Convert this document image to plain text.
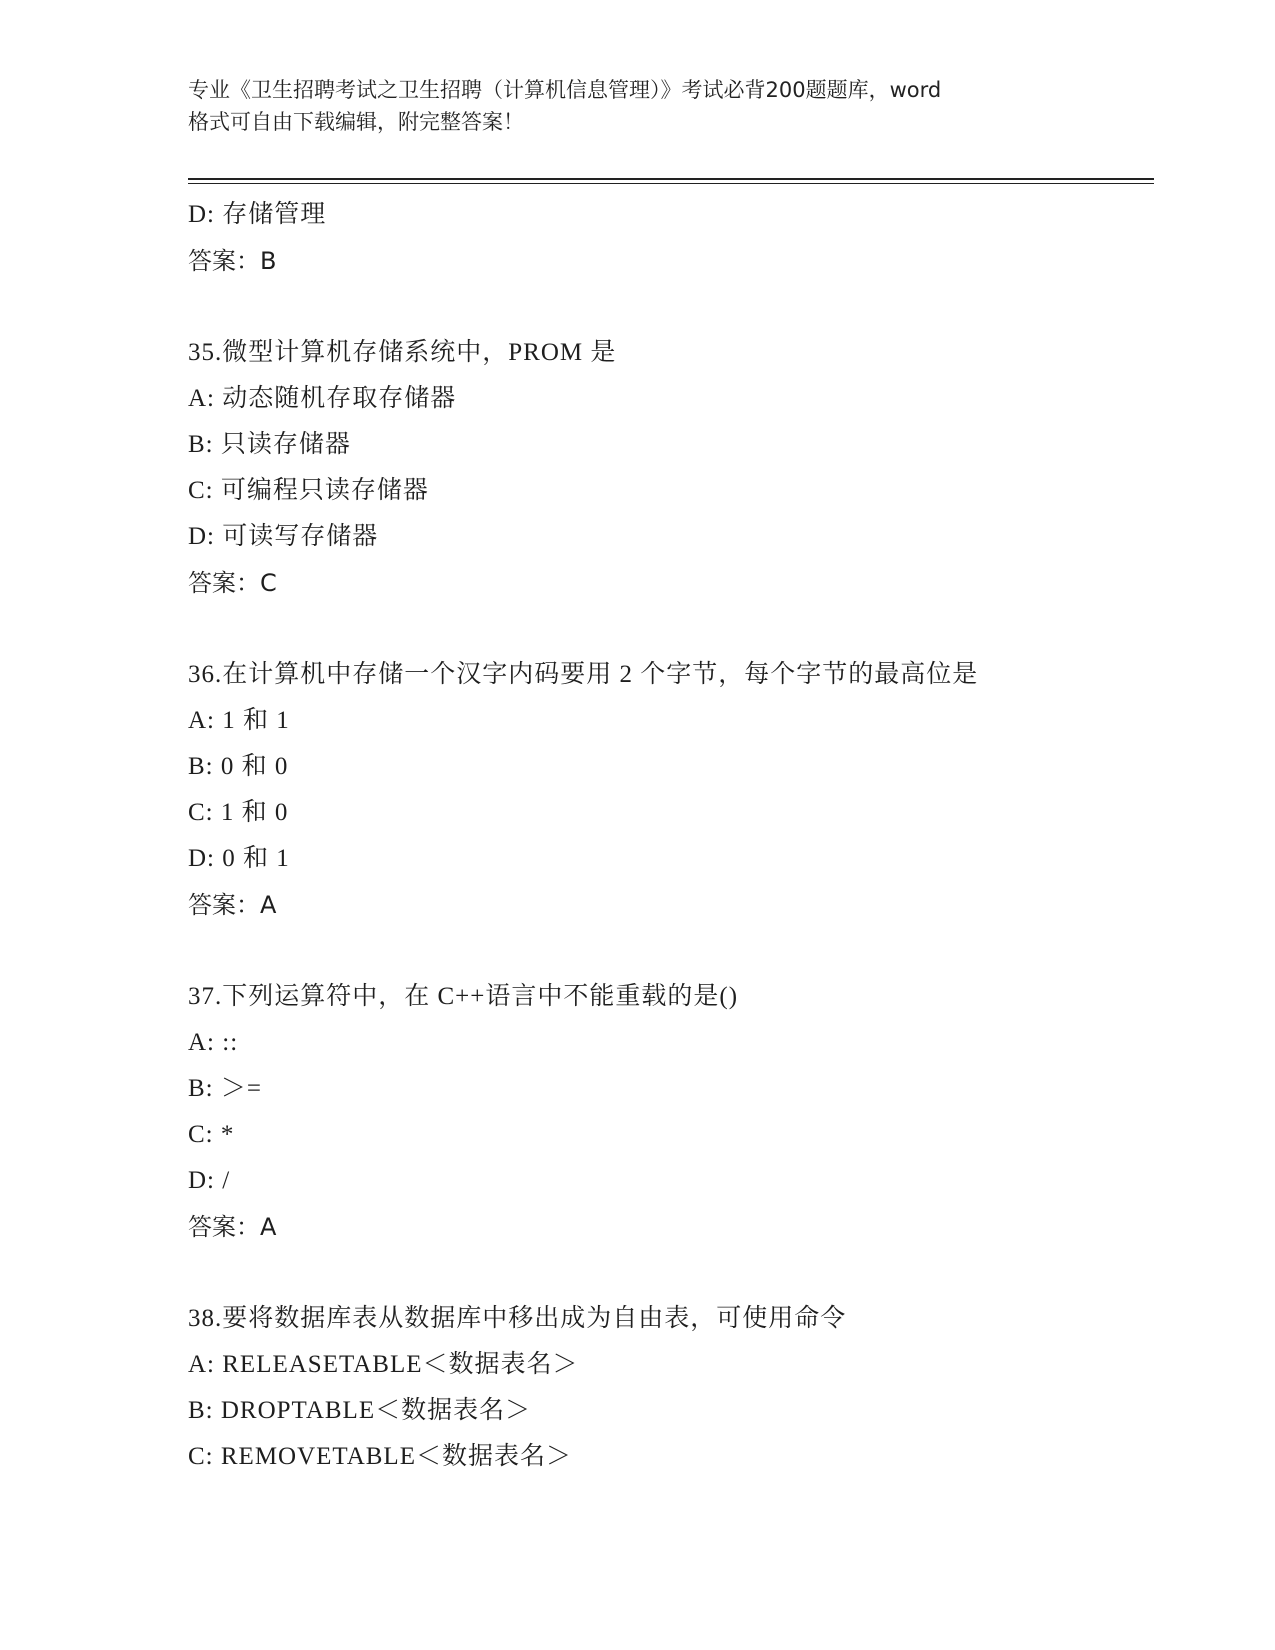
专业《卫生招聘考试之卫生招聘（计算机信息管理）》考试必背200题题库，word
格式可自由下载编辑，附完整答案！
D: 存储管理
答案：B
35.微型计算机存储系统中，PROM 是
A: 动态随机存取存储器
B: 只读存储器
C: 可编程只读存储器
D: 可读写存储器
答案：C
36.在计算机中存储一个汉字内码要用 2 个字节，每个字节的最高位是
A: 1 和 1
B: 0 和 0
C: 1 和 0
D: 0 和 1
答案：A
37.下列运算符中，在 C++语言中不能重载的是()
A: ::
B: ＞=
C: *
D: /
答案：A
38.要将数据库表从数据库中移出成为自由表，可使用命令
A: RELEASETABLE＜数据表名＞
B: DROPTABLE＜数据表名＞
C: REMOVETABLE＜数据表名＞
